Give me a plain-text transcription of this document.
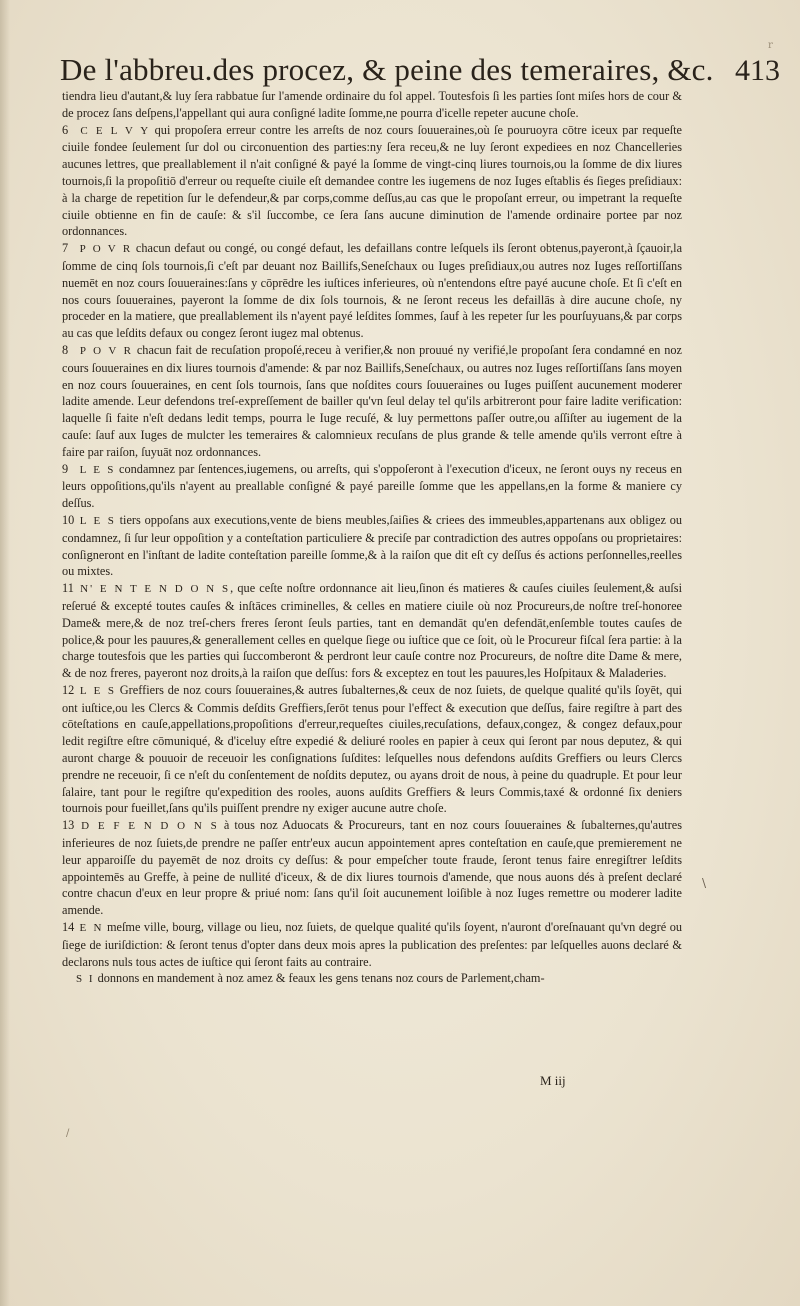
r
De l'abbreu.des procez, & peine des temeraires, &c. 413

tiendra lieu d'autant,& luy ſera rabbatue ſur l'amende ordinaire du fol appel. Toutesfois ſi les parties ſont miſes hors de cour & de procez ſans deſpens,l'appellant qui aura conſigné ladite ſomme,ne pourra d'icelle repeter aucune choſe.

6 C E L V Y qui propoſera erreur contre les arreſts de noz cours ſouueraines,où ſe pouruoyra cōtre iceux par requeſte ciuile fondee ſeulement ſur dol ou circonuention des parties:ny ſera receu,& ne luy ſeront expediees en noz Chancelleries aucunes lettres, que preallablement il n'ait conſigné & payé la ſomme de vingt-cinq liures tournois,ou la ſomme de dix liures tournois,ſi la propoſitiō d'erreur ou requeſte ciuile eſt demandee contre les iugemens de noz Iuges eſtablis és ſieges preſidiaux: à la charge de repetition ſur le defendeur,& par corps,comme deſſus,au cas que le propoſant erreur, ou impetrant la requeſte ciuile obtienne en fin de cauſe: & s'il ſuccombe, ce ſera ſans aucune diminution de l'amende ordinaire portee par noz ordonnances.

7 P O V R chacun defaut ou congé, ou congé defaut, les defaillans contre leſquels ils ſeront obtenus,payeront,à ſçauoir,la ſomme de cinq ſols tournois,ſi c'eſt par deuant noz Baillifs,Seneſchaux ou Iuges preſidiaux,ou autres noz Iuges reſſortiſſans nuemēt en noz cours ſouueraines:ſans y cōprēdre les iuſtices inferieures, où n'entendons eſtre payé aucune choſe. Et ſi c'eſt en nos cours ſouueraines, payeront la ſomme de dix ſols tournois, & ne ſeront receus les defaillās à dire aucune choſe, ny proceder en la matiere, que preallablement ils n'ayent payé leſdites ſommes, ſauf à les repeter ſur les pourſuyuans,& par corps au cas que leſdits defaux ou congez ſeront iugez mal obtenus.

8 P O V R chacun fait de recuſation propoſé,receu à verifier,& non prouué ny verifié,le propoſant ſera condamné en noz cours ſouueraines en dix liures tournois d'amende: & par noz Baillifs,Seneſchaux, ou autres noz Iuges reſſortiſſans ſans moyen en noz cours ſouueraines, en cent ſols tournois, ſans que noſdites cours ſouueraines ou Iuges puiſſent aucunement moderer ladite amende. Leur defendons treſ-expreſſement de bailler qu'vn ſeul delay tel qu'ils arbitreront pour faire ladite verification: laquelle ſi faite n'eſt dedans ledit temps, pourra le Iuge recuſé, & luy permettons paſſer outre,ou aſſiſter au iugement de la cauſe: ſauf aux Iuges de mulcter les temeraires & calomnieux recuſans de plus grande & telle amende qu'ils verront eſtre à faire par raiſon, ſuyuāt noz ordonnances.

9 L E S condamnez par ſentences,iugemens, ou arreſts, qui s'oppoſeront à l'execution d'iceux, ne ſeront ouys ny receus en leurs oppoſitions,qu'ils n'ayent au preallable conſigné & payé pareille ſomme que les appellans,en la forme & maniere cy deſſus.

10 L E S tiers oppoſans aux executions,vente de biens meubles,ſaiſies & criees des immeubles,appartenans aux obligez ou condamnez, ſi ſur leur oppoſition y a conteſtation particuliere & preciſe par contradiction des autres oppoſans ou proprietaires: conſigneront en l'inſtant de ladite conteſtation pareille ſomme,& à la raiſon que dit eſt cy deſſus és actions perſonnelles,reelles ou mixtes.

11 N' E N T E N D O N S, que ceſte noſtre ordonnance ait lieu,ſinon és matieres & cauſes ciuiles ſeulement,& auſsi reſerué & excepté toutes cauſes & inſtāces criminelles, & celles en matiere ciuile où noz Procureurs,de noſtre treſ-honoree Dame& mere,& de noz treſ-chers freres ſeront ſeuls parties, tant en demandāt qu'en defendāt,enſemble toutes cauſes de police,& pour les pauures,& generallement celles en quelque ſiege ou iuſtice que ce ſoit, où le Procureur fiſcal ſera partie: à la charge toutesfois que les parties qui ſuccomberont & perdront leur cauſe contre noz Procureurs, de noſtre dite Dame & mere, & de noz freres, payeront noz droits,à la raiſon que deſſus: fors & exceptez en tout les pauures,les Hoſpitaux & Maladeries.

12 L E S Greffiers de noz cours ſouueraines,& autres ſubalternes,& ceux de noz ſuiets, de quelque qualité qu'ils ſoyēt, qui ont iuſtice,ou les Clercs & Commis deſdits Greffiers,ſerōt tenus pour l'effect & execution que deſſus, faire regiſtre à part des cōteſtations en cauſe,appellations,propoſitions d'erreur,requeſtes ciuiles,recuſations, defaux,congez, & congez defaux,pour ledit regiſtre eſtre cōmuniqué, & d'iceluy eſtre expedié & deliuré rooles en papier à ceux qui ſeront par nous deputez, & qui auront charge & pouuoir de receuoir les conſignations ſuſdites: leſquelles nous defendons auſdits Greffiers ou leurs Clercs prendre ne receuoir, ſi ce n'eſt du conſentement de noſdits deputez, ou ayans droit de nous, à peine du quadruple. Et pour leur ſalaire, tant pour le regiſtre qu'expedition des rooles, auons auſdits Greffiers & leurs Commis,taxé & ordonné ſix deniers tournois pour fueillet,ſans qu'ils puiſſent prendre ny exiger aucune autre choſe.

13 D E F E N D O N S à tous noz Aduocats & Procureurs, tant en noz cours ſouueraines & ſubalternes,qu'autres inferieures de noz ſuiets,de prendre ne paſſer entr'eux aucun appointement apres conteſtation en cauſe,que premierement ne leur apparoiſſe du payemēt de noz droits cy deſſus: & pour empeſcher toute fraude, ſeront tenus faire enregiſtrer leſdits appointemēs au Greffe, à peine de nullité d'iceux, & de dix liures tournois d'amende, que nous auons dés à preſent declaré contre chacun d'eux en leur propre & priué nom: ſans qu'il ſoit aucunement loiſible à noz Iuges remettre ou moderer ladite amende.

14 E N meſme ville, bourg, village ou lieu, noz ſuiets, de quelque qualité qu'ils ſoyent, n'auront d'oreſnauant qu'vn degré ou ſiege de iuriſdiction: & ſeront tenus d'opter dans deux mois apres la publication des preſentes: par leſquelles auons declaré & declarons nuls tous actes de iuſtice qui ſeront faits au contraire.

S I donnons en mandement à noz amez & feaux les gens tenans noz cours de Parlement,cham-

M iij
\
/
